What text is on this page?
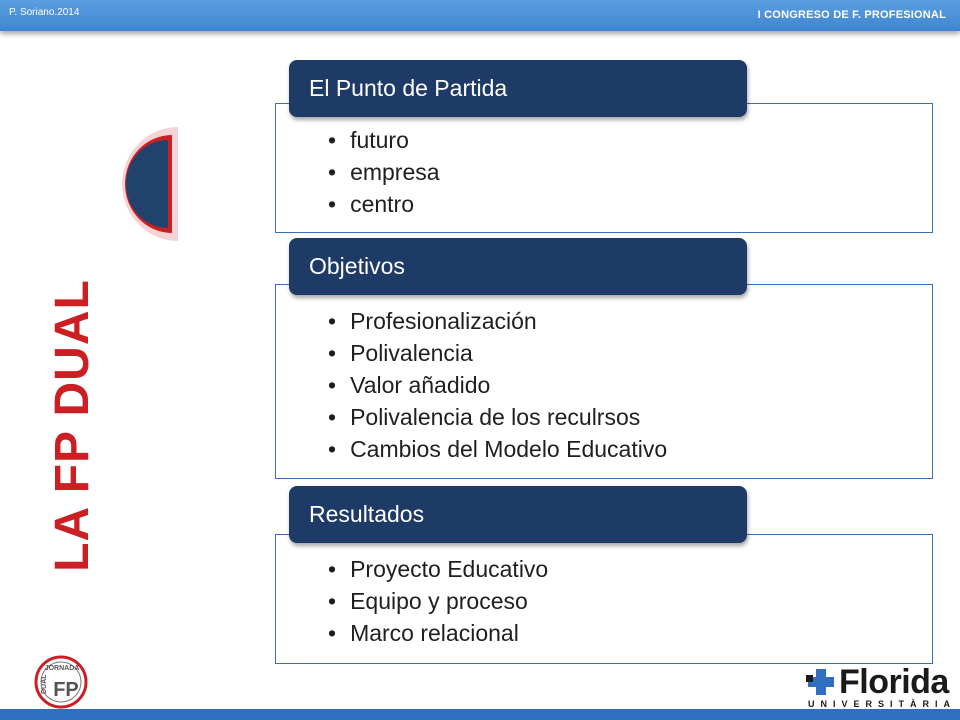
P. Soriano.2014	I CONGRESO DE F. PROFESIONAL
LA FP DUAL
• futuro
• empresa
• centro
El Punto de Partida
• Profesionalización
• Polivalencia
• Valor añadido
• Polivalencia de los reculrsos
• Cambios del Modelo Educativo
Objetivos
• Proyecto Educativo
• Equipo y proceso
• Marco relacional
Resultados
JORNADA
DUAL FP	Florida
UNIVERSITÀRIA
